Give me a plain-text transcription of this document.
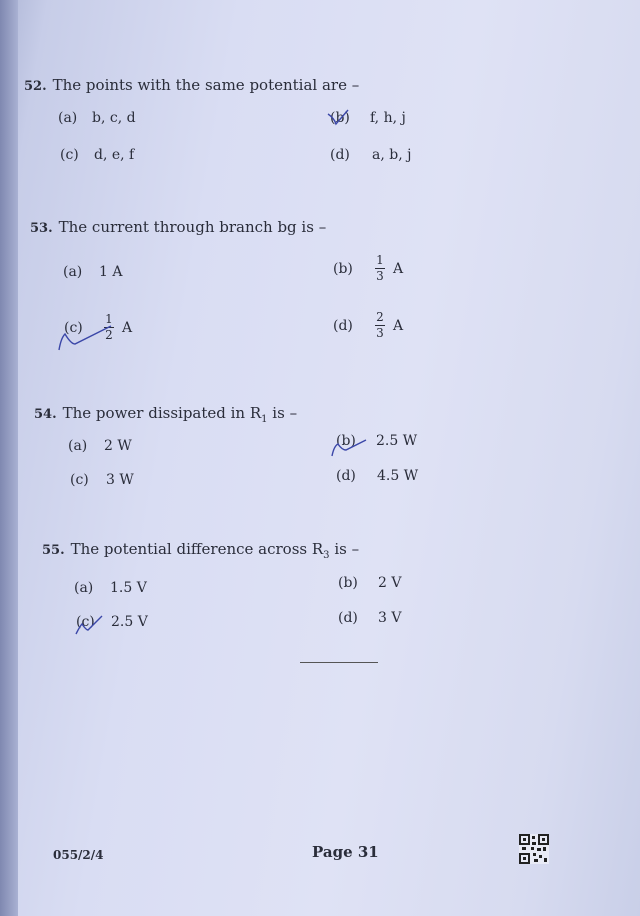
52. The points with the same potential are –
(a)	b, c, d	(b)	f, h, j
(c)	d, e, f	(d)	a, b, j
53. The current through branch bg is –
(a)	1 A	(b)	$\frac{1}{3}$ A
(c)	$\frac{1}{2}$ A	(d)	$\frac{2}{3}$ A
54. The power dissipated in $R_1$ is –
(a)	2 W	(b)	2.5 W
(c)	3 W	(d)	4.5 W
55. The potential difference across $R_3$ is –
(a)	1.5 V	(b)	2 V
(c)	2.5 V	(d)	3 V
055/2/4	Page 31
